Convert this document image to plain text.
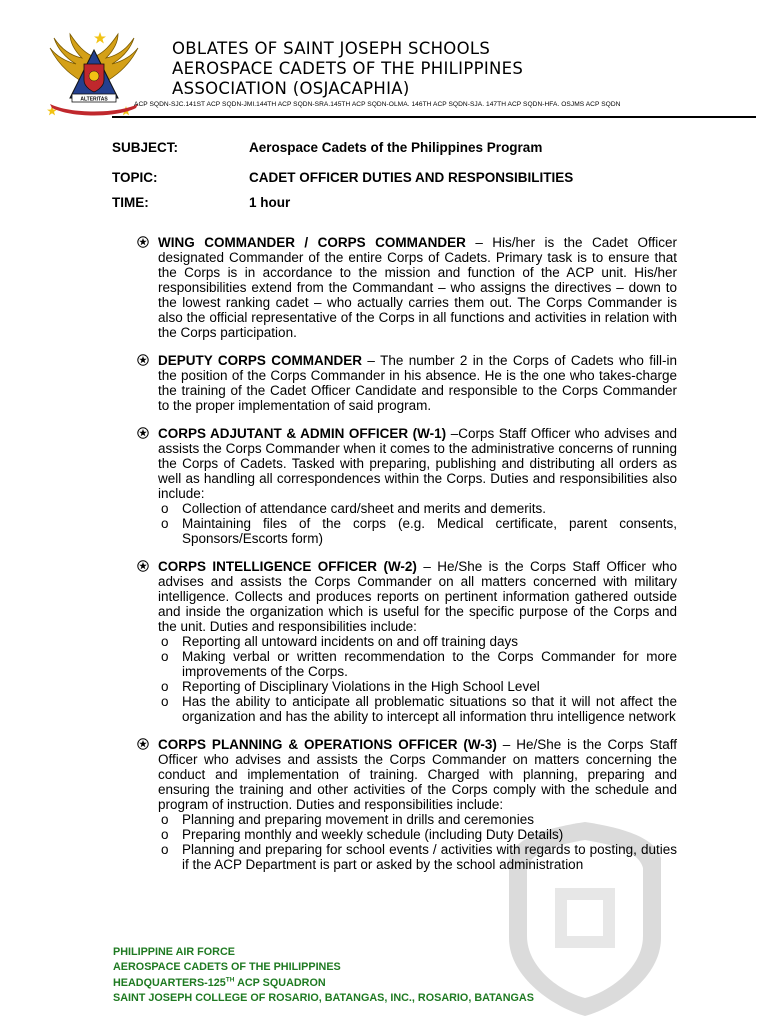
ALTERITAS
OBLATES OF SAINT JOSEPH SCHOOLS
AEROSPACE CADETS OF THE PHILIPPINES
ASSOCIATION (OSJACAPHIA)
ACP SQDN-SJC.141ST ACP SQDN-JMI.144TH ACP SQDN-SRA.145TH ACP SQDN-OLMA. 146TH ACP SQDN-SJA. 147TH ACP SQDN-HFA. OSJMS ACP SQDN
SUBJECT:	Aerospace Cadets of the Philippines Program
TOPIC:	CADET OFFICER DUTIES AND RESPONSIBILITIES
TIME:	1 hour
WING COMMANDER / CORPS COMMANDER – His/her is the Cadet Officer designated Commander of the entire Corps of Cadets. Primary task is to ensure that the Corps is in accordance to the mission and function of the ACP unit. His/her responsibilities extend from the Commandant – who assigns the directives – down to the lowest ranking cadet – who actually carries them out. The Corps Commander is also the official representative of the Corps in all functions and activities in relation with the Corps participation.
DEPUTY CORPS COMMANDER – The number 2 in the Corps of Cadets who fill-in the position of the Corps Commander in his absence. He is the one who takes-charge the training of the Cadet Officer Candidate and responsible to the Corps Commander to the proper implementation of said program.
CORPS ADJUTANT & ADMIN OFFICER (W-1) –Corps Staff Officer who advises and assists the Corps Commander when it comes to the administrative concerns of running the Corps of Cadets. Tasked with preparing, publishing and distributing all orders as well as handling all correspondences within the Corps. Duties and responsibilities also include:
o Collection of attendance card/sheet and merits and demerits.
o Maintaining files of the corps (e.g. Medical certificate, parent consents, Sponsors/Escorts form)
CORPS INTELLIGENCE OFFICER (W-2) – He/She is the Corps Staff Officer who advises and assists the Corps Commander on all matters concerned with military intelligence. Collects and produces reports on pertinent information gathered outside and inside the organization which is useful for the specific purpose of the Corps and the unit. Duties and responsibilities include:
o Reporting all untoward incidents on and off training days
o Making verbal or written recommendation to the Corps Commander for more improvements of the Corps.
o Reporting of Disciplinary Violations in the High School Level
o Has the ability to anticipate all problematic situations so that it will not affect the organization and has the ability to intercept all information thru intelligence network
CORPS PLANNING & OPERATIONS OFFICER (W-3) – He/She is the Corps Staff Officer who advises and assists the Corps Commander on matters concerning the conduct and implementation of training. Charged with planning, preparing and ensuring the training and other activities of the Corps comply with the schedule and program of instruction. Duties and responsibilities include:
o Planning and preparing movement in drills and ceremonies
o Preparing monthly and weekly schedule (including Duty Details)
o Planning and preparing for school events / activities with regards to posting, duties if the ACP Department is part or asked by the school administration
PHILIPPINE AIR FORCE
AEROSPACE CADETS OF THE PHILIPPINES
HEADQUARTERS-125TH ACP SQUADRON
SAINT JOSEPH COLLEGE OF ROSARIO, BATANGAS, INC., ROSARIO, BATANGAS
